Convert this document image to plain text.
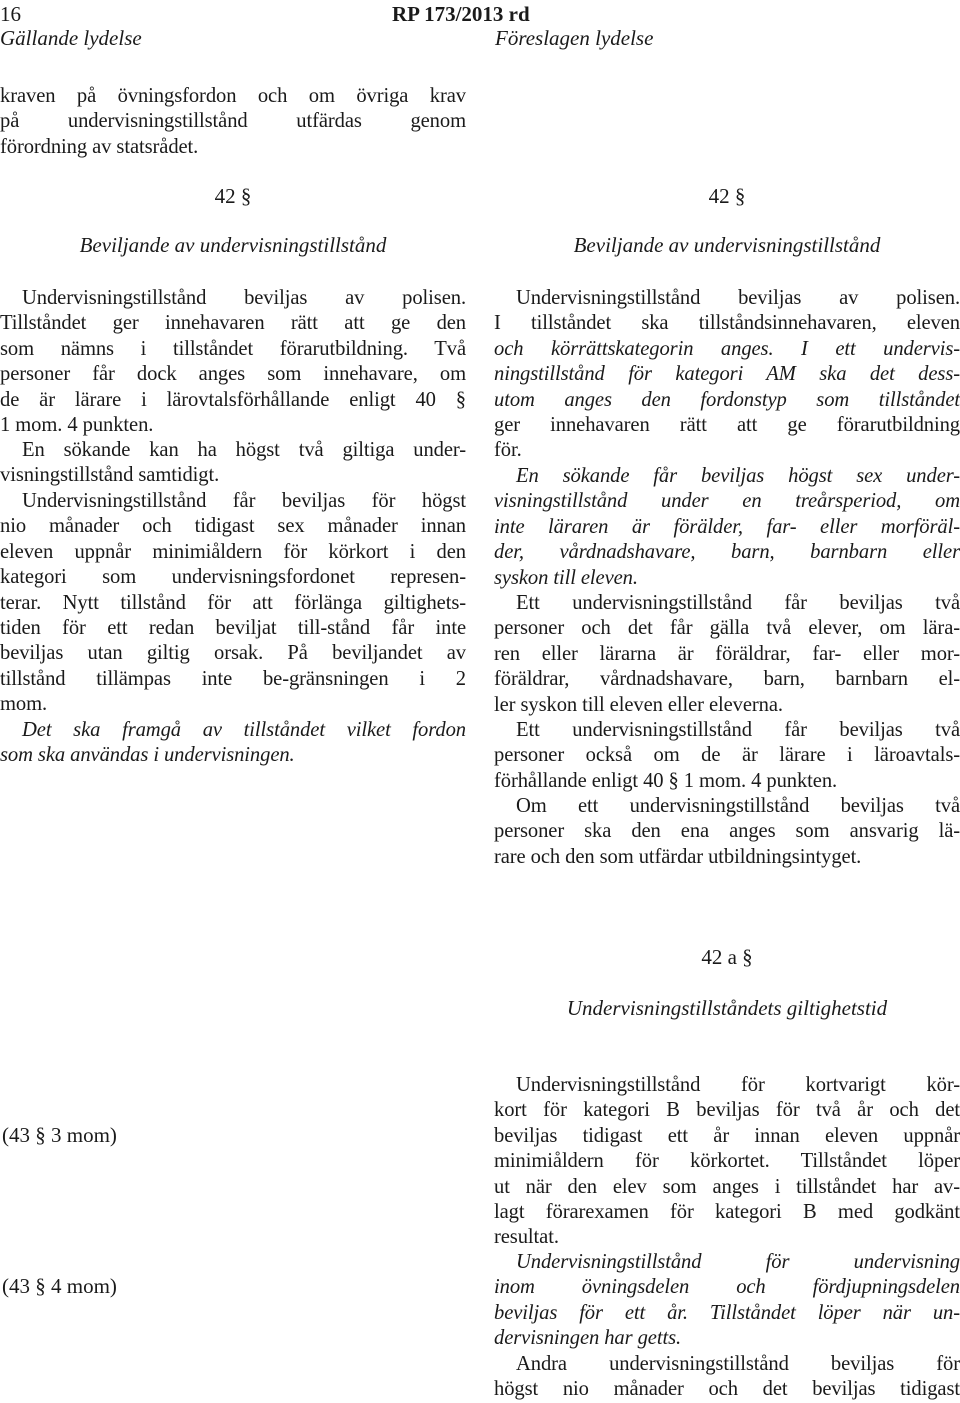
16	RP 173/2013 rd
Gällande lydelse	Föreslagen lydelse
kraven på övningsfordon och om övriga krav
på undervisningstillstånd utfärdas genom
förordning av statsrådet.
42 §
Beviljande av undervisningstillstånd
Undervisningstillstånd beviljas av polisen.
Tillståndet ger innehavaren rätt att ge den
som nämns i tillståndet förarutbildning. Två
personer får dock anges som innehavare, om
de är lärare i lärovtalsförhållande enligt 40 §
1 mom. 4 punkten.
En sökande kan ha högst två giltiga under-
visningstillstånd samtidigt.
Undervisningstillstånd får beviljas för högst
nio månader och tidigast sex månader innan
eleven uppnår minimiåldern för körkort i den
kategori som undervisningsfordonet represen-
terar. Nytt tillstånd för att förlänga giltighets-
tiden för ett redan beviljat till-stånd får inte
beviljas utan giltig orsak. På beviljandet av
tillstånd tillämpas inte be-gränsningen i 2
mom.
Det ska framgå av tillståndet vilket fordon
som ska användas i undervisningen.
(43 § 3 mom)
(43 § 4 mom)
42 §
Beviljande av undervisningstillstånd
Undervisningstillstånd beviljas av polisen.
I tillståndet ska tillståndsinnehavaren, eleven
och körrättskategorin anges. I ett undervis-
ningstillstånd för kategori AM ska det dess-
utom anges den fordonstyp som tillståndet
ger innehavaren rätt att ge förarutbildning
för.
En sökande får beviljas högst sex under-
visningstillstånd under en treårsperiod, om
inte läraren är förälder, far- eller morföräl-
der, vårdnadshavare, barn, barnbarn eller
syskon till eleven.
Ett undervisningstillstånd får beviljas två
personer och det får gälla två elever, om lära-
ren eller lärarna är föräldrar, far- eller mor-
föräldrar, vårdnadshavare, barn, barnbarn el-
ler syskon till eleven eller eleverna.
Ett undervisningstillstånd får beviljas två
personer också om de är lärare i läroavtals-
förhållande enligt 40 § 1 mom. 4 punkten.
Om ett undervisningstillstånd beviljas två
personer ska den ena anges som ansvarig lä-
rare och den som utfärdar utbildningsintyget.
42 a §
Undervisningstillståndets giltighetstid
Undervisningstillstånd för kortvarigt kör-
kort för kategori B beviljas för två år och det
beviljas tidigast ett år innan eleven uppnår
minimiåldern för körkortet. Tillståndet löper
ut när den elev som anges i tillståndet har av-
lagt förarexamen för kategori B med godkänt
resultat.
Undervisningstillstånd för undervisning
inom övningsdelen och fördjupningsdelen
beviljas för ett år. Tillståndet löper när un-
dervisningen har getts.
Andra undervisningstillstånd beviljas för
högst nio månader och det beviljas tidigast
